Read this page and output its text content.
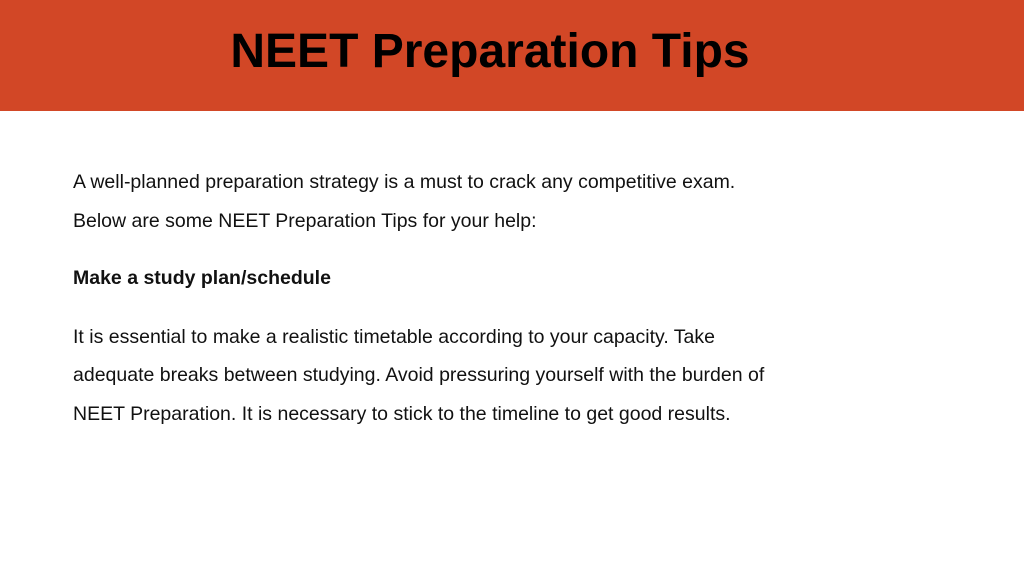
NEET Preparation Tips

A well-planned preparation strategy is a must to crack any competitive exam.

Below are some NEET Preparation Tips for your help:

Make a study plan/schedule

It is essential to make a realistic timetable according to your capacity. Take

adequate breaks between studying. Avoid pressuring yourself with the burden of

NEET Preparation. It is necessary to stick to the timeline to get good results.
